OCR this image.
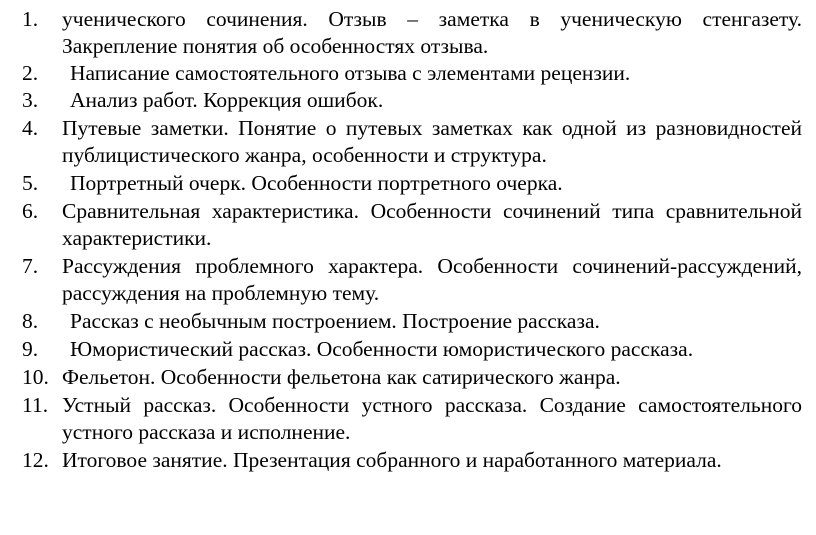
1.	ученического сочинения. Отзыв – заметка в ученическую стенгазету. Закрепление понятия об особенностях отзыва.
2.	Написание самостоятельного отзыва с элементами рецензии.
3.	Анализ работ. Коррекция ошибок.
4.	Путевые заметки. Понятие о путевых заметках как одной из разновидностей публицистического жанра, особенности и структура.
5.	Портретный очерк. Особенности портретного очерка.
6.	Сравнительная характеристика. Особенности сочинений типа сравнительной характеристики.
7.	Рассуждения проблемного характера. Особенности сочинений-рассуждений, рассуждения на проблемную тему.
8.	Рассказ с необычным построением. Построение рассказа.
9.	Юмористический рассказ. Особенности юмористического рассказа.
10. Фельетон. Особенности фельетона как сатирического жанра.
11. Устный рассказ. Особенности устного рассказа. Создание самостоятельного устного рассказа и исполнение.
12. Итоговое занятие. Презентация собранного и наработанного материала.
